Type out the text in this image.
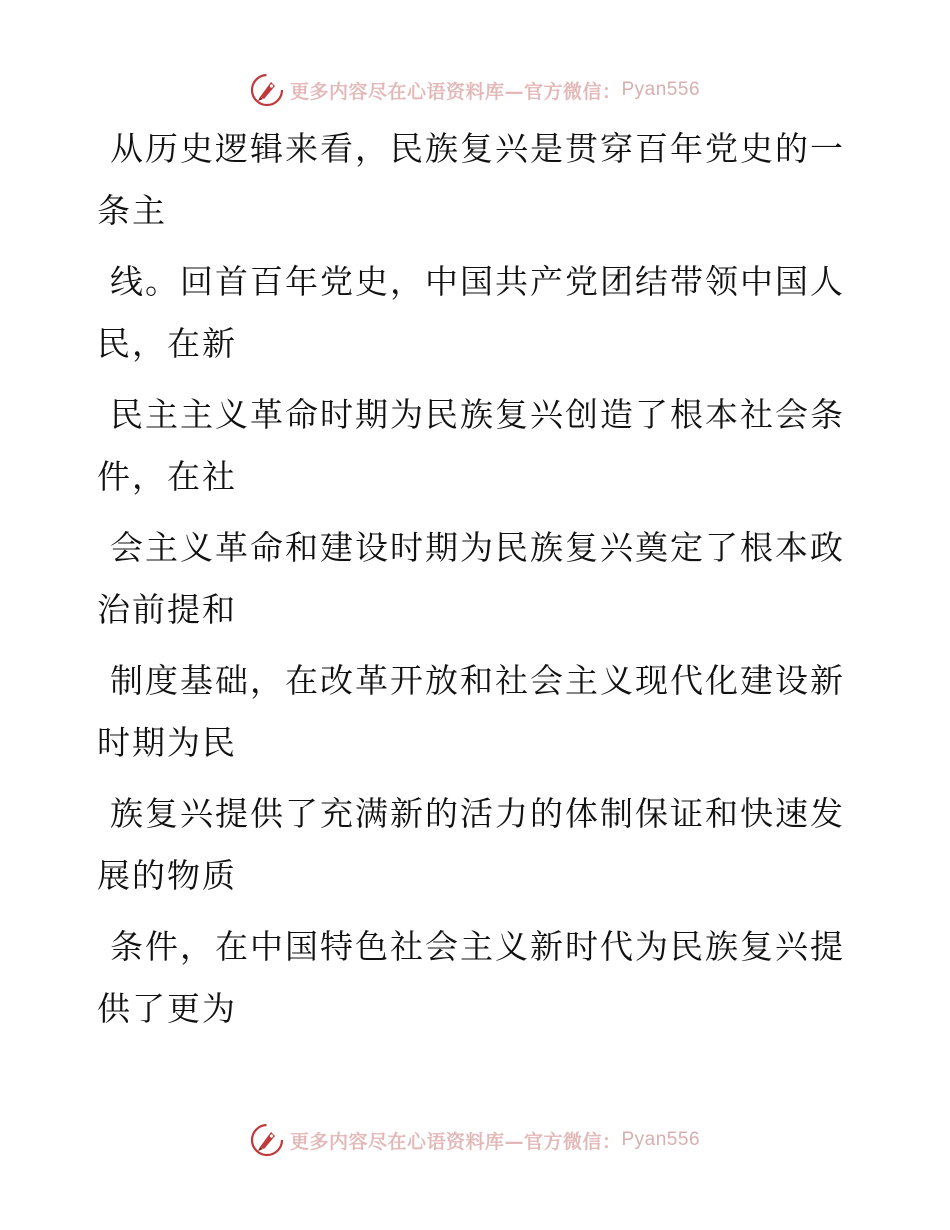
更多内容尽在心语资料库—官方微信： Pyan556

从历史逻辑来看，民族复兴是贯穿百年党史的一
条主

线。回首百年党史，中国共产党团结带领中国人
民，在新

民主主义革命时期为民族复兴创造了根本社会条
件，在社

会主义革命和建设时期为民族复兴奠定了根本政
治前提和

制度基础，在改革开放和社会主义现代化建设新
时期为民

族复兴提供了充满新的活力的体制保证和快速发
展的物质

条件，在中国特色社会主义新时代为民族复兴提
供了更为

更多内容尽在心语资料库—官方微信： Pyan556
